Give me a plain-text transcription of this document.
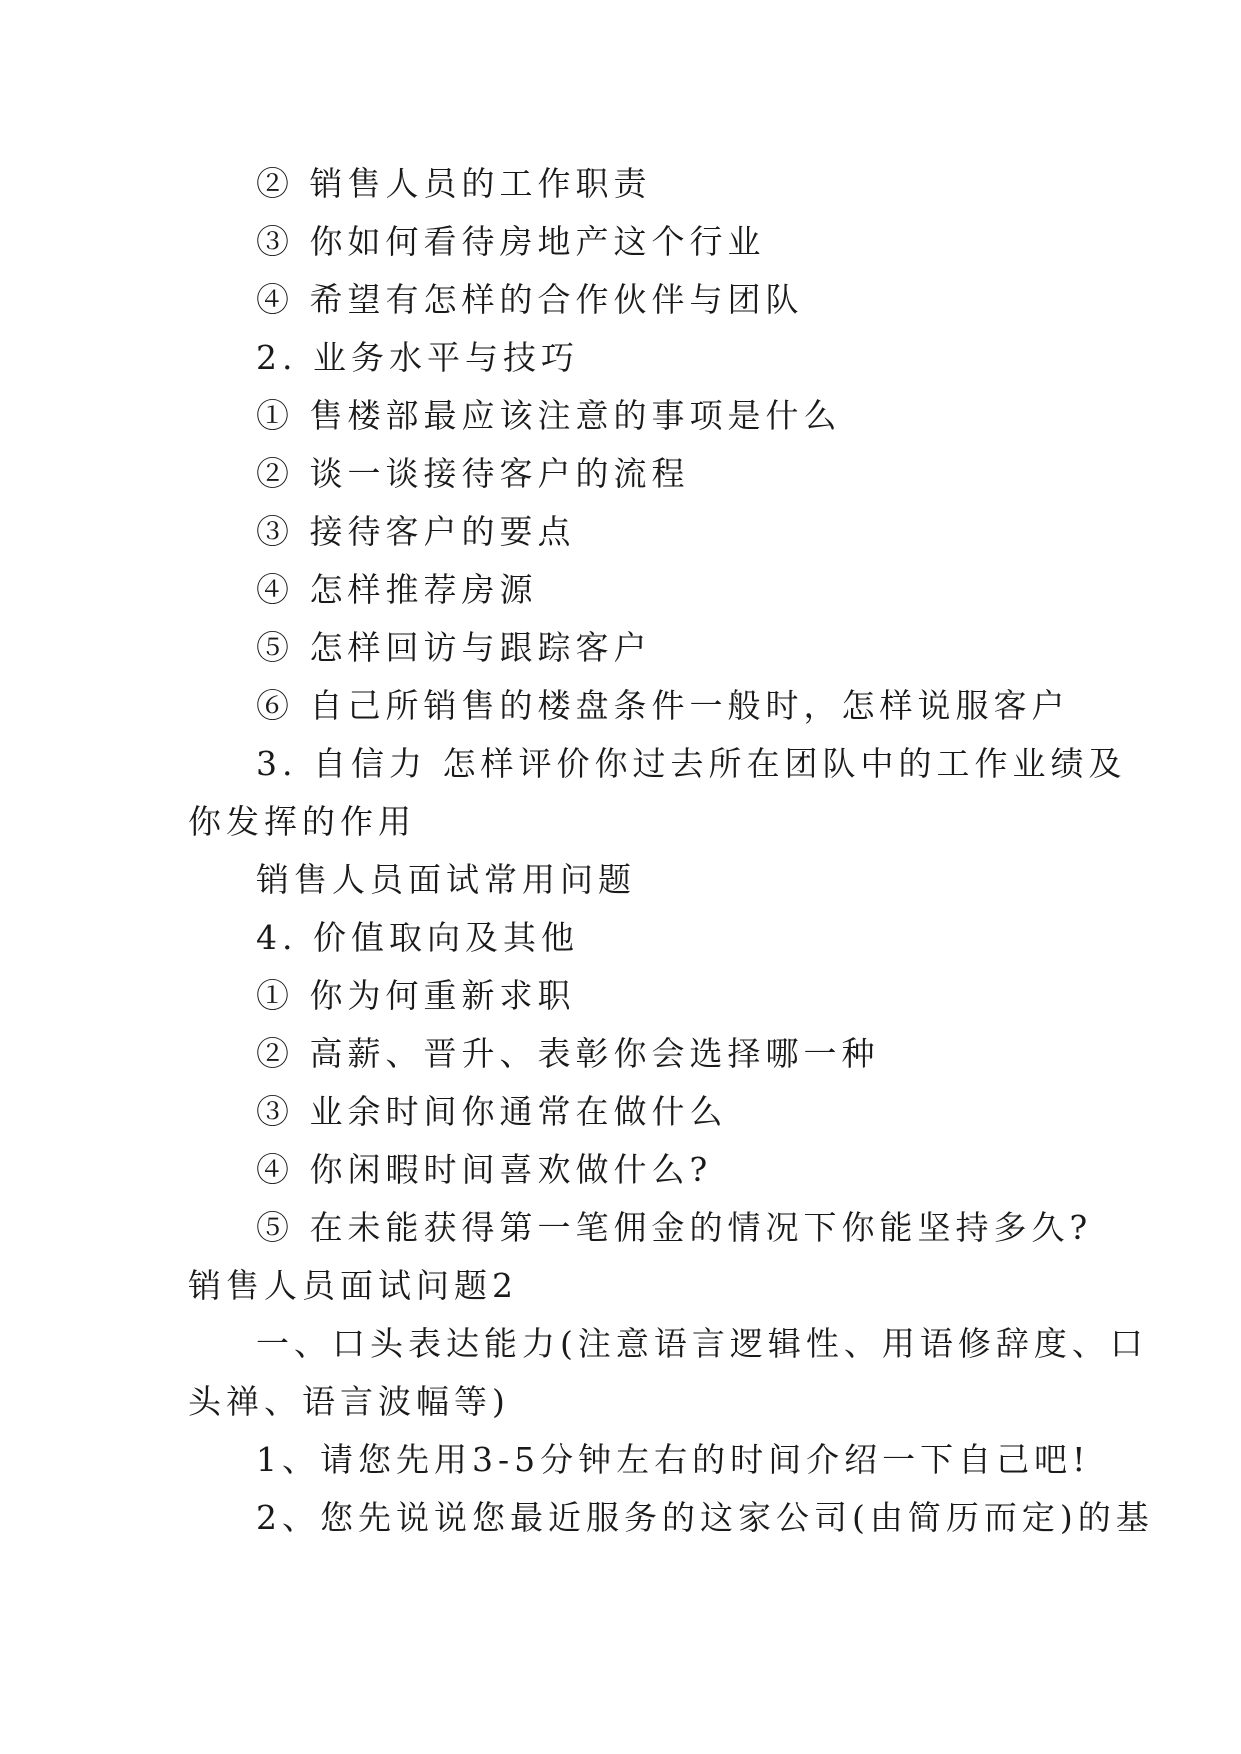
② 销售人员的工作职责
③ 你如何看待房地产这个行业
④ 希望有怎样的合作伙伴与团队
2. 业务水平与技巧
① 售楼部最应该注意的事项是什么
② 谈一谈接待客户的流程
③ 接待客户的要点
④ 怎样推荐房源
⑤ 怎样回访与跟踪客户
⑥ 自己所销售的楼盘条件一般时，怎样说服客户
3. 自信力 怎样评价你过去所在团队中的工作业绩及
你发挥的作用
销售人员面试常用问题
4. 价值取向及其他
① 你为何重新求职
② 高薪、晋升、表彰你会选择哪一种
③ 业余时间你通常在做什么
④ 你闲暇时间喜欢做什么?
⑤ 在未能获得第一笔佣金的情况下你能坚持多久?
销售人员面试问题2
一、口头表达能力(注意语言逻辑性、用语修辞度、口
头禅、语言波幅等)
1、请您先用3-5分钟左右的时间介绍一下自己吧!
2、您先说说您最近服务的这家公司(由简历而定)的基
